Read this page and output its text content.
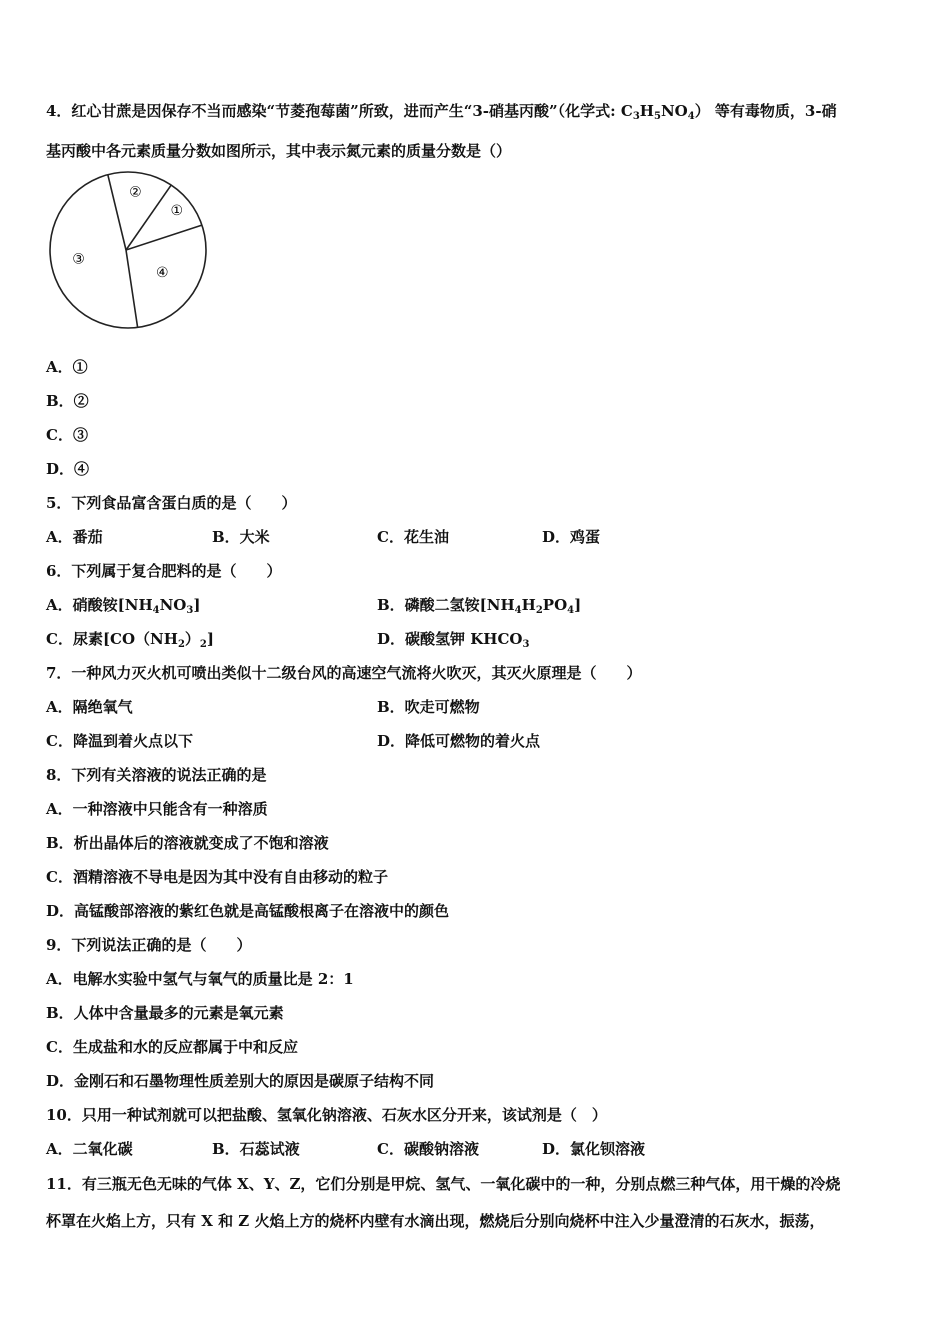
4．红心甘蔗是因保存不当而感染“节菱孢莓菌”所致，进而产生“3-硝基丙酸”（化学式: $C_3H_5NO_4$） 等有毒物质，3-硝
基丙酸中各元素质量分数如图所示，其中表示氮元素的质量分数是（）
①
②
③
④
A．①
B．②
C．③
D．④
5．下列食品富含蛋白质的是（　　）
A．番茄	B．大米	C．花生油	D．鸡蛋
6．下列属于复合肥料的是（　　）
A．硝酸铵$[NH_4NO_3]$	B．磷酸二氢铵$[NH_4H_2PO_4]$
C．尿素$[CO(NH_2)_2]$	D．碳酸氢钾 $KHCO_3$
7．一种风力灭火机可喷出类似十二级台风的高速空气流将火吹灭，其灭火原理是（　　）
A．隔绝氧气	B．吹走可燃物
C．降温到着火点以下	D．降低可燃物的着火点
8．下列有关溶液的说法正确的是
A．一种溶液中只能含有一种溶质
B．析出晶体后的溶液就变成了不饱和溶液
C．酒精溶液不导电是因为其中没有自由移动的粒子
D．高锰酸部溶液的紫红色就是高锰酸根离子在溶液中的颜色
9．下列说法正确的是（　　）
A．电解水实验中氢气与氧气的质量比是 2：1
B．人体中含量最多的元素是氧元素
C．生成盐和水的反应都属于中和反应
D．金刚石和石墨物理性质差别大的原因是碳原子结构不同
10．只用一种试剂就可以把盐酸、氢氧化钠溶液、石灰水区分开来，该试剂是（　）
A．二氧化碳	B．石蕊试液	C．碳酸钠溶液	D．氯化钡溶液
11．有三瓶无色无味的气体 X、Y、Z，它们分别是甲烷、氢气、一氧化碳中的一种，分别点燃三种气体，用干燥的冷烧
杯罩在火焰上方，只有 X 和 Z 火焰上方的烧杯内壁有水滴出现，燃烧后分别向烧杯中注入少量澄清的石灰水，振荡，
